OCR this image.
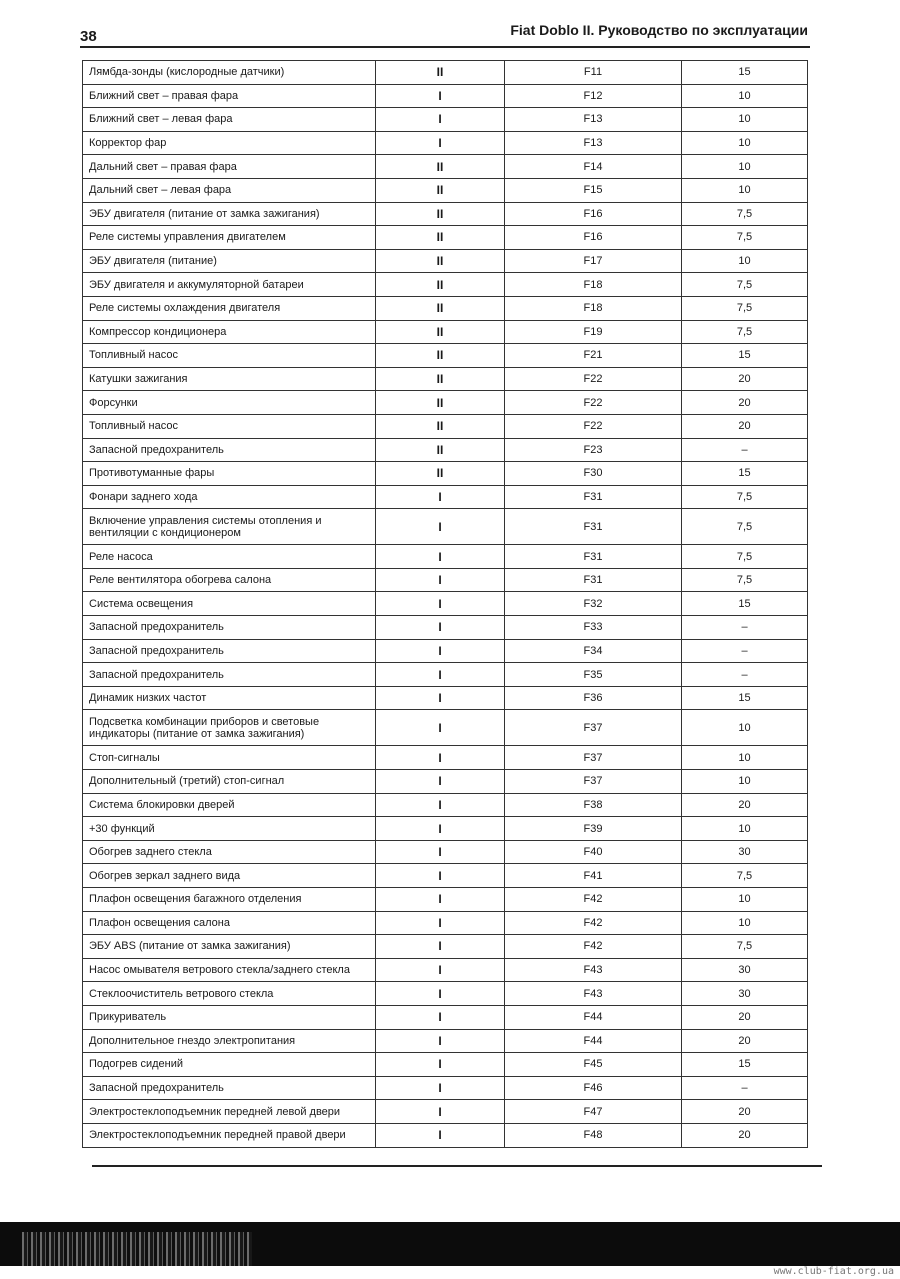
38	Fiat Doblo II. Руководство по эксплуатации
Лямбда-зонды (кислородные датчики)	II	F11	15
Ближний свет – правая фара	I	F12	10
Ближний свет – левая фара	I	F13	10
Корректор фар	I	F13	10
Дальний свет – правая фара	II	F14	10
Дальний свет – левая фара	II	F15	10
ЭБУ двигателя (питание от замка зажигания)	II	F16	7,5
Реле системы управления двигателем	II	F16	7,5
ЭБУ двигателя (питание)	II	F17	10
ЭБУ двигателя и аккумуляторной батареи	II	F18	7,5
Реле системы охлаждения двигателя	II	F18	7,5
Компрессор кондиционера	II	F19	7,5
Топливный насос	II	F21	15
Катушки зажигания	II	F22	20
Форсунки	II	F22	20
Топливный насос	II	F22	20
Запасной предохранитель	II	F23	–
Противотуманные фары	II	F30	15
Фонари заднего хода	I	F31	7,5
Включение управления системы отопления и вентиляции с кондиционером	I	F31	7,5
Реле насоса	I	F31	7,5
Реле вентилятора обогрева салона	I	F31	7,5
Система освещения	I	F32	15
Запасной предохранитель	I	F33	–
Запасной предохранитель	I	F34	–
Запасной предохранитель	I	F35	–
Динамик низких частот	I	F36	15
Подсветка комбинации приборов и световые индикаторы (питание от замка зажигания)	I	F37	10
Стоп-сигналы	I	F37	10
Дополнительный (третий) стоп-сигнал	I	F37	10
Система блокировки дверей	I	F38	20
+30 функций	I	F39	10
Обогрев заднего стекла	I	F40	30
Обогрев зеркал заднего вида	I	F41	7,5
Плафон освещения багажного отделения	I	F42	10
Плафон освещения салона	I	F42	10
ЭБУ ABS (питание от замка зажигания)	I	F42	7,5
Насос омывателя ветрового стекла/заднего стекла	I	F43	30
Стеклоочиститель ветрового стекла	I	F43	30
Прикуриватель	I	F44	20
Дополнительное гнездо электропитания	I	F44	20
Подогрев сидений	I	F45	15
Запасной предохранитель	I	F46	–
Электростеклоподъемник передней левой двери	I	F47	20
Электростеклоподъемник передней правой двери	I	F48	20
www.club-fiat.org.ua
